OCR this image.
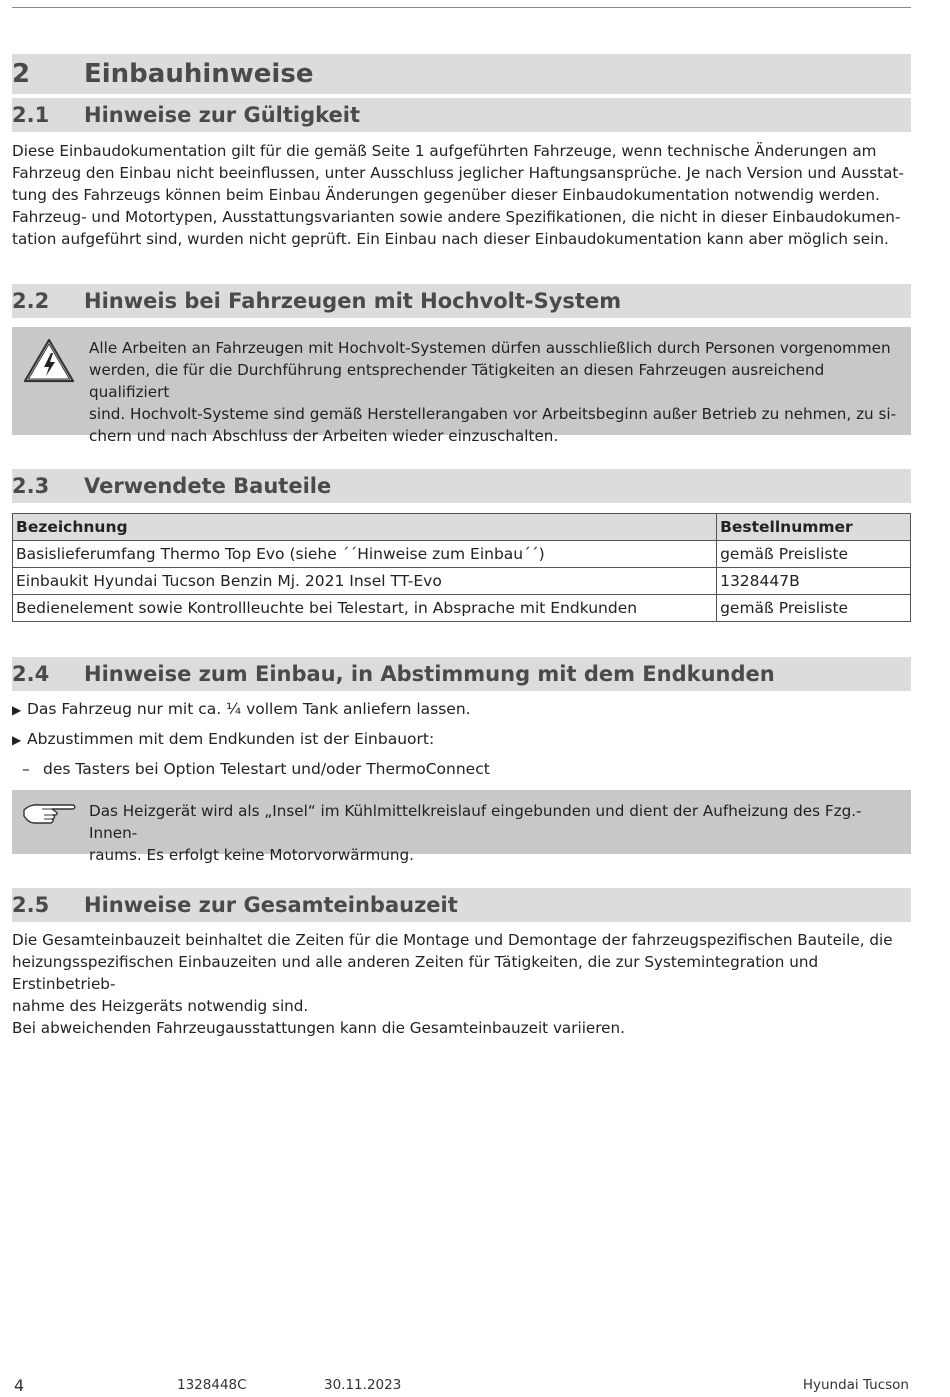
2	Einbauhinweise
2.1	Hinweise zur Gültigkeit

Diese Einbaudokumentation gilt für die gemäß Seite 1 aufgeführten Fahrzeuge, wenn technische Änderungen am

Fahrzeug den Einbau nicht beeinflussen, unter Ausschluss jeglicher Haftungsansprüche. Je nach Version und Ausstat-

tung des Fahrzeugs können beim Einbau Änderungen gegenüber dieser Einbaudokumentation notwendig werden.

Fahrzeug- und Motortypen, Ausstattungsvarianten sowie andere Spezifikationen, die nicht in dieser Einbaudokumen-

tation aufgeführt sind, wurden nicht geprüft. Ein Einbau nach dieser Einbaudokumentation kann aber möglich sein.

2.2	Hinweis bei Fahrzeugen mit Hochvolt-System
Alle Arbeiten an Fahrzeugen mit Hochvolt-Systemen dürfen ausschließlich durch Personen vorgenommen
werden, die für die Durchführung entsprechender Tätigkeiten an diesen Fahrzeugen ausreichend qualifiziert
sind. Hochvolt-Systeme sind gemäß Herstellerangaben vor Arbeitsbeginn außer Betrieb zu nehmen, zu si-
chern und nach Abschluss der Arbeiten wieder einzuschalten.
2.3	Verwendete Bauteile
Bezeichnung	Bestellnummer
Basislieferumfang Thermo Top Evo (siehe ´´Hinweise zum Einbau´´)	gemäß Preisliste
Einbaukit Hyundai Tucson Benzin Mj. 2021 Insel TT-Evo	1328447B
Bedienelement sowie Kontrollleuchte bei Telestart, in Absprache mit Endkunden	gemäß Preisliste
2.4	Hinweise zum Einbau, in Abstimmung mit dem Endkunden
▶ Das Fahrzeug nur mit ca. ¼ vollem Tank anliefern lassen.
▶ Abzustimmen mit dem Endkunden ist der Einbauort:
– des Tasters bei Option Telestart und/oder ThermoConnect
Das Heizgerät wird als „Insel“ im Kühlmittelkreislauf eingebunden und dient der Aufheizung des Fzg.-Innen-
raums. Es erfolgt keine Motorvorwärmung.
2.5	Hinweise zur Gesamteinbauzeit

Die Gesamteinbauzeit beinhaltet die Zeiten für die Montage und Demontage der fahrzeugspezifischen Bauteile, die

heizungsspezifischen Einbauzeiten und alle anderen Zeiten für Tätigkeiten, die zur Systemintegration und Erstinbetrieb-

nahme des Heizgeräts notwendig sind.

Bei abweichenden Fahrzeugausstattungen kann die Gesamteinbauzeit variieren.

4	1328448C	30.11.2023	Hyundai Tucson
